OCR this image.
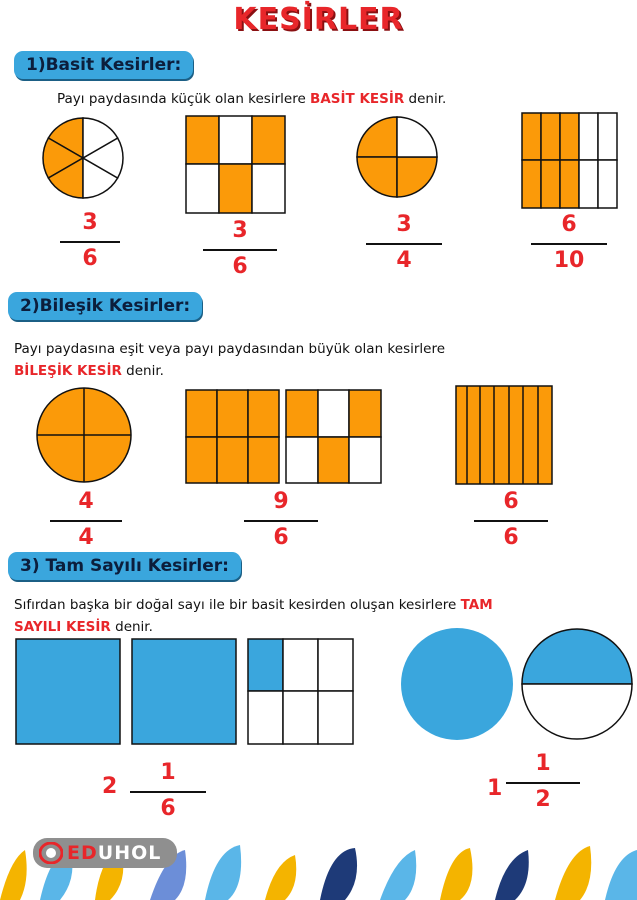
KESİRLER
1)Basit Kesirler:
Payı paydasında küçük olan kesirlere BASİT KESİR denir.
3
6
3
6
3
4
6
10
2)Bileşik Kesirler:
Payı paydasına eşit veya payı paydasından büyük olan kesirlere
BİLEŞİK KESİR denir.
4
4
9
6
6
6
3) Tam Sayılı Kesirler:
Sıfırdan başka bir doğal sayı ile bir basit kesirden oluşan kesirlere TAM
SAYILI KESİR denir.
2
1
6
1
1
2
EDUHOL
